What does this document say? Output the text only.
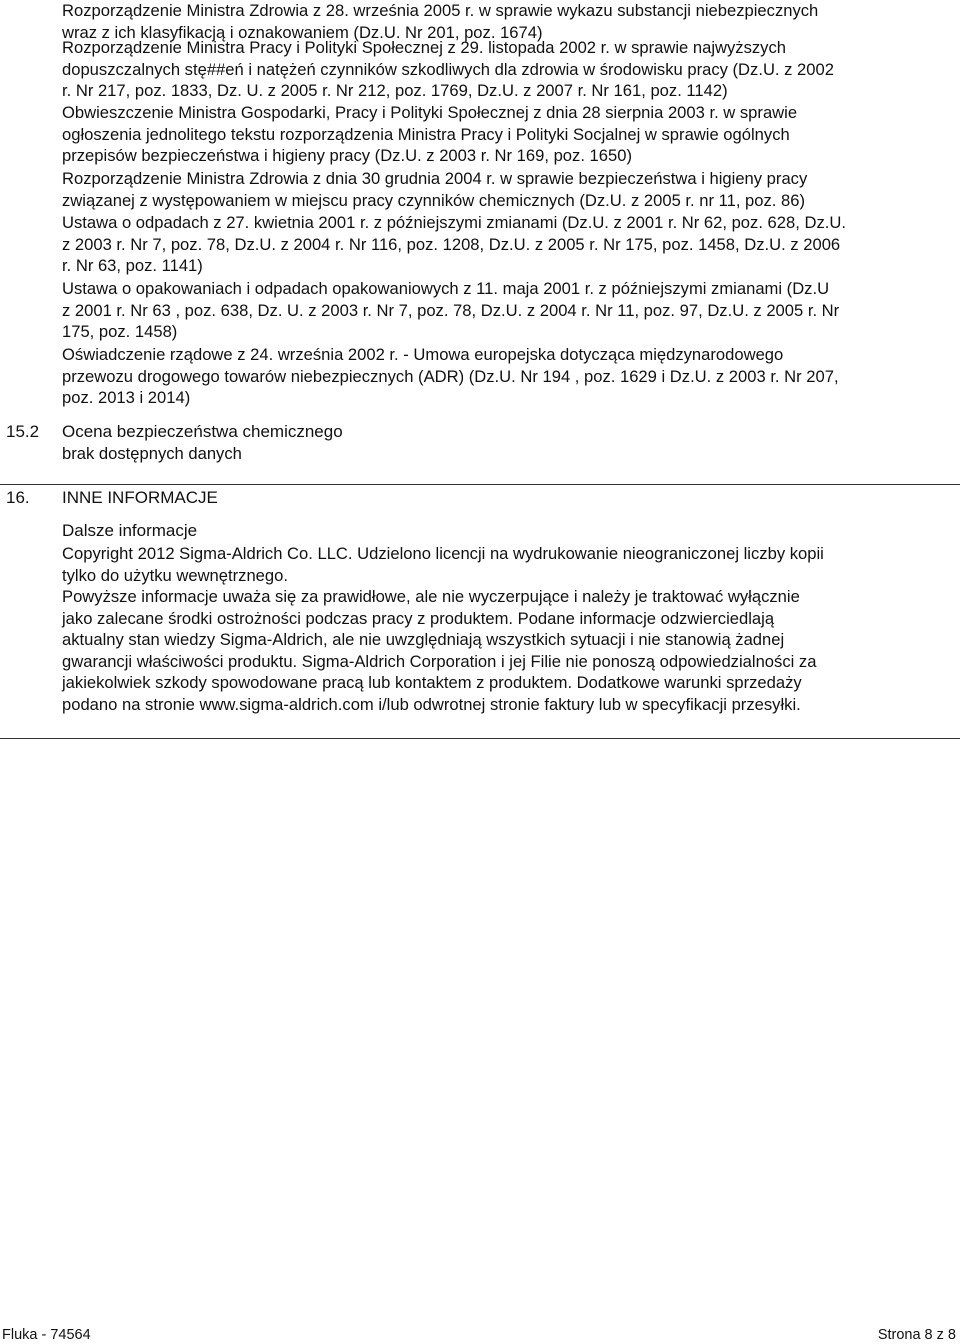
Rozporządzenie Ministra Zdrowia z 28. września 2005 r. w sprawie wykazu substancji niebezpiecznych
wraz z ich klasyfikacją i oznakowaniem (Dz.U. Nr 201, poz. 1674)
Rozporządzenie Ministra Pracy i Polityki Społecznej z 29. listopada 2002 r. w sprawie najwyższych
dopuszczalnych stę##eń i natężeń czynników szkodliwych dla zdrowia w środowisku pracy (Dz.U. z 2002
r. Nr 217, poz. 1833, Dz. U. z 2005 r. Nr 212, poz. 1769, Dz.U. z 2007 r. Nr 161, poz. 1142)
Obwieszczenie Ministra Gospodarki, Pracy i Polityki Społecznej z dnia 28 sierpnia 2003 r. w sprawie
ogłoszenia jednolitego tekstu rozporządzenia Ministra Pracy i Polityki Socjalnej w sprawie ogólnych
przepisów bezpieczeństwa i higieny pracy (Dz.U. z 2003 r. Nr 169, poz. 1650)
Rozporządzenie Ministra Zdrowia z dnia 30 grudnia 2004 r. w sprawie bezpieczeństwa i higieny pracy
związanej z występowaniem w miejscu pracy czynników chemicznych (Dz.U. z 2005 r. nr 11, poz. 86)
Ustawa o odpadach z 27. kwietnia 2001 r. z późniejszymi zmianami (Dz.U. z 2001 r. Nr 62, poz. 628, Dz.U.
z 2003 r. Nr 7, poz. 78, Dz.U. z 2004 r. Nr 116, poz. 1208, Dz.U. z 2005 r. Nr 175, poz. 1458, Dz.U. z 2006
r. Nr 63, poz. 1141)
Ustawa o opakowaniach i odpadach opakowaniowych z 11. maja 2001 r. z późniejszymi zmianami (Dz.U
z 2001 r. Nr 63 , poz. 638, Dz. U. z 2003 r. Nr 7, poz. 78, Dz.U. z 2004 r. Nr 11, poz. 97, Dz.U. z 2005 r. Nr
175, poz. 1458)
Oświadczenie rządowe z 24. września 2002 r. - Umowa europejska dotycząca międzynarodowego
przewozu drogowego towarów niebezpiecznych (ADR) (Dz.U. Nr 194 , poz. 1629 i Dz.U. z 2003 r. Nr 207,
poz. 2013 i 2014)
15.2 Ocena bezpieczeństwa chemicznego
brak dostępnych danych
16. INNE INFORMACJE
Dalsze informacje
Copyright 2012 Sigma-Aldrich Co. LLC. Udzielono licencji na wydrukowanie nieograniczonej liczby kopii
tylko do użytku wewnętrznego.
Powyższe informacje uważa się za prawidłowe, ale nie wyczerpujące i należy je traktować wyłącznie
jako zalecane środki ostrożności podczas pracy z produktem. Podane informacje odzwierciedlają
aktualny stan wiedzy Sigma-Aldrich, ale nie uwzględniają wszystkich sytuacji i nie stanowią żadnej
gwarancji właściwości produktu. Sigma-Aldrich Corporation i jej Filie nie ponoszą odpowiedzialności za
jakiekolwiek szkody spowodowane pracą lub kontaktem z produktem. Dodatkowe warunki sprzedaży
podano na stronie www.sigma-aldrich.com i/lub odwrotnej stronie faktury lub w specyfikacji przesyłki.
Fluka - 74564	Strona 8 z 8
